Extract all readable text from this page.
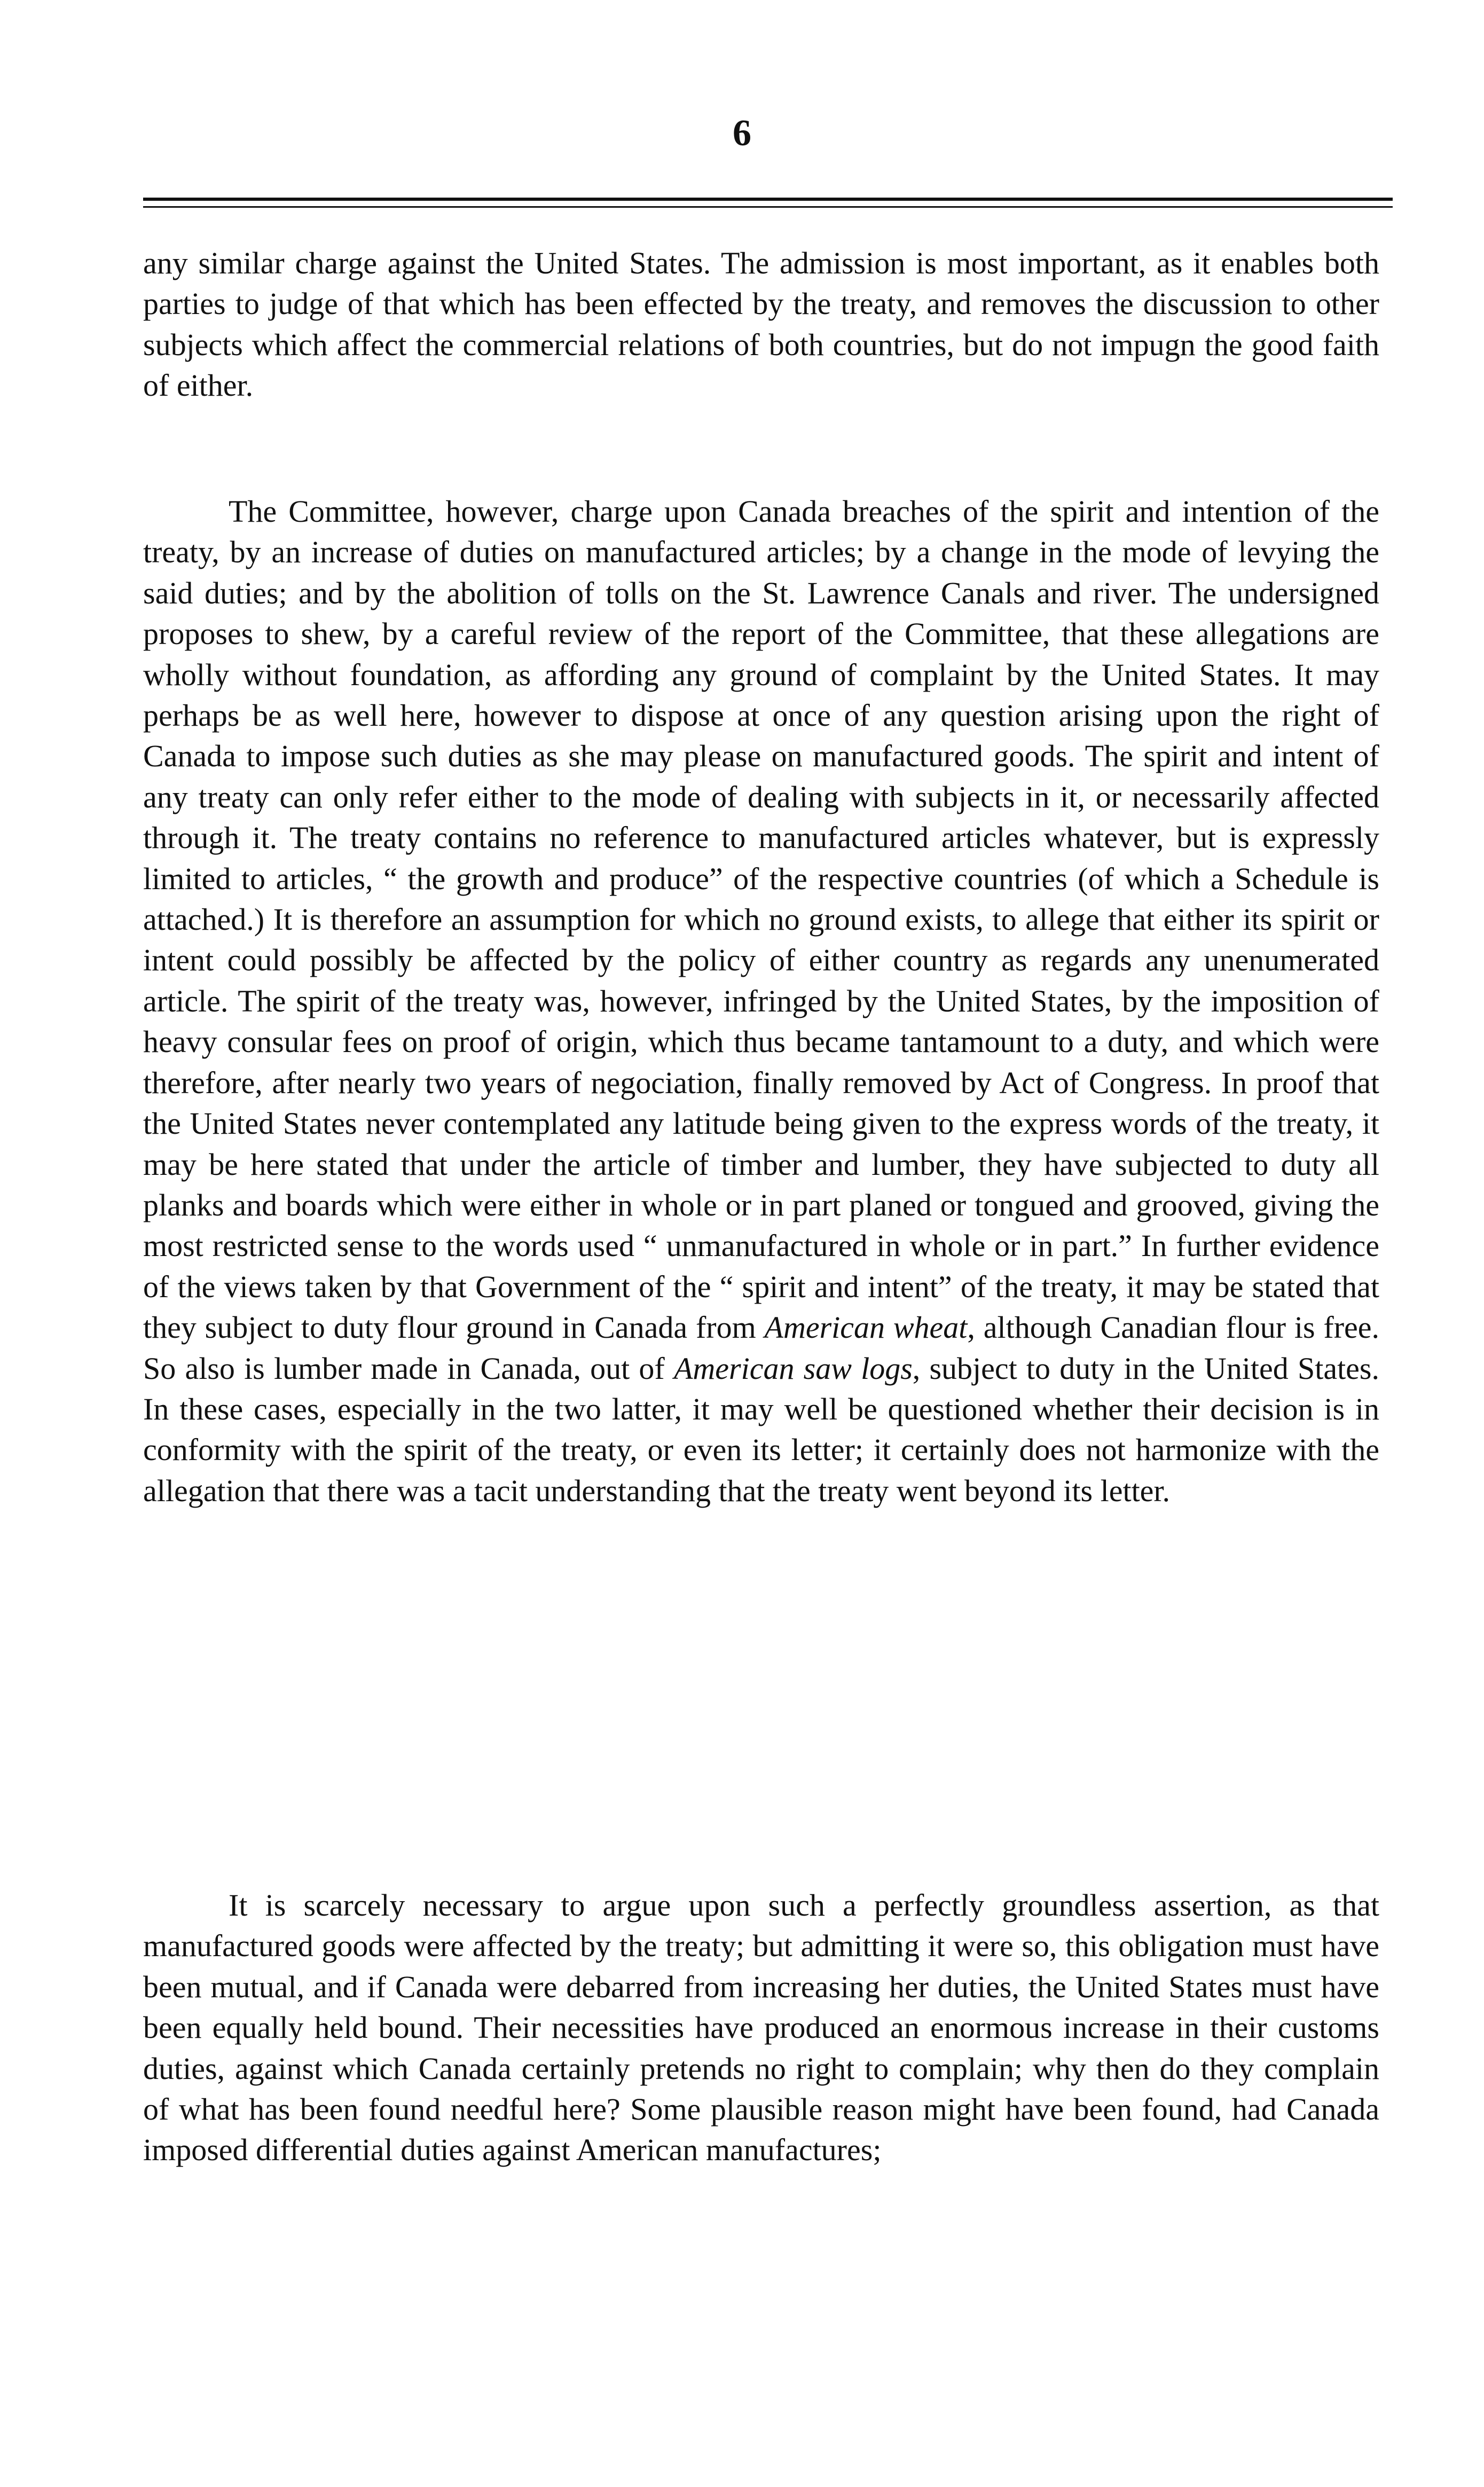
6

any similar charge against the United States. The admission is most important, as it enables both parties to judge of that which has been effected by the treaty, and removes the discussion to other subjects which affect the commercial relations of both countries, but do not impugn the good faith of either.

The Committee, however, charge upon Canada breaches of the spirit and intention of the treaty, by an increase of duties on manufactured articles; by a change in the mode of levying the said duties; and by the abolition of tolls on the St. Lawrence Canals and river. The undersigned proposes to shew, by a careful review of the report of the Committee, that these allegations are wholly without foundation, as affording any ground of complaint by the United States. It may perhaps be as well here, however to dispose at once of any question arising upon the right of Canada to impose such duties as she may please on manufactured goods. The spirit and intent of any treaty can only refer either to the mode of dealing with subjects in it, or necessarily affected through it. The treaty contains no reference to manufactured articles whatever, but is expressly limited to articles, “ the growth and produce” of the respective countries (of which a Schedule is attached.) It is therefore an assumption for which no ground exists, to allege that either its spirit or intent could possibly be affected by the policy of either country as regards any unenumerated article. The spirit of the treaty was, however, infringed by the United States, by the imposition of heavy consular fees on proof of origin, which thus became tantamount to a duty, and which were therefore, after nearly two years of negociation, finally removed by Act of Congress. In proof that the United States never contemplated any latitude being given to the express words of the treaty, it may be here stated that under the article of timber and lumber, they have subjected to duty all planks and boards which were either in whole or in part planed or tongued and grooved, giving the most restricted sense to the words used “ unmanufactured in whole or in part.” In further evidence of the views taken by that Government of the “ spirit and intent” of the treaty, it may be stated that they subject to duty flour ground in Canada from American wheat, although Canadian flour is free. So also is lumber made in Canada, out of American saw logs, subject to duty in the United States. In these cases, especially in the two latter, it may well be questioned whether their decision is in conformity with the spirit of the treaty, or even its letter; it certainly does not harmonize with the allegation that there was a tacit understanding that the treaty went beyond its letter.

It is scarcely necessary to argue upon such a perfectly groundless assertion, as that manufactured goods were affected by the treaty; but admitting it were so, this obligation must have been mutual, and if Canada were debarred from increasing her duties, the United States must have been equally held bound. Their necessities have produced an enormous increase in their customs duties, against which Canada certainly pretends no right to complain; why then do they complain of what has been found needful here? Some plausible reason might have been found, had Canada imposed differential duties against American manufactures;
